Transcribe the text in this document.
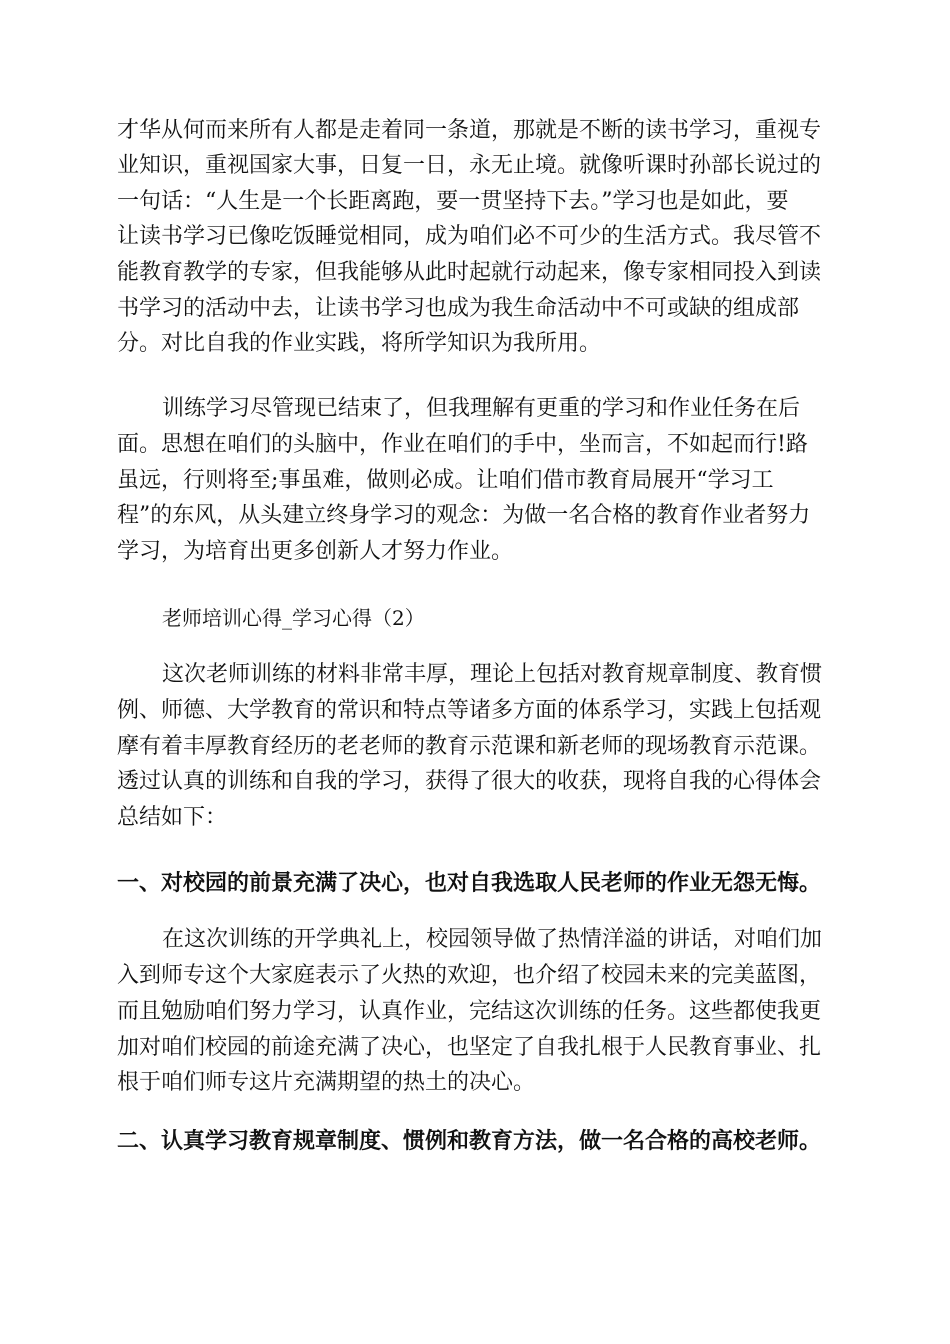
才华从何而来所有人都是走着同一条道，那就是不断的读书学习，重视专
业知识，重视国家大事，日复一日，永无止境。就像听课时孙部长说过的
一句话：“人生是一个长距离跑，要一贯坚持下去。”学习也是如此，要
让读书学习已像吃饭睡觉相同，成为咱们必不可少的生活方式。我尽管不
能教育教学的专家，但我能够从此时起就行动起来，像专家相同投入到读
书学习的活动中去，让读书学习也成为我生命活动中不可或缺的组成部
分。对比自我的作业实践，将所学知识为我所用。
训练学习尽管现已结束了，但我理解有更重的学习和作业任务在后
面。思想在咱们的头脑中，作业在咱们的手中，坐而言，不如起而行!路
虽远，行则将至;事虽难，做则必成。让咱们借市教育局展开“学习工
程”的东风，从头建立终身学习的观念：为做一名合格的教育作业者努力
学习，为培育出更多创新人才努力作业。
老师培训心得_学习心得（2）
这次老师训练的材料非常丰厚，理论上包括对教育规章制度、教育惯
例、师德、大学教育的常识和特点等诸多方面的体系学习，实践上包括观
摩有着丰厚教育经历的老老师的教育示范课和新老师的现场教育示范课。
透过认真的训练和自我的学习，获得了很大的收获，现将自我的心得体会
总结如下：
一、对校园的前景充满了决心，也对自我选取人民老师的作业无怨无悔。
在这次训练的开学典礼上，校园领导做了热情洋溢的讲话，对咱们加
入到师专这个大家庭表示了火热的欢迎，也介绍了校园未来的完美蓝图，
而且勉励咱们努力学习，认真作业，完结这次训练的任务。这些都使我更
加对咱们校园的前途充满了决心，也坚定了自我扎根于人民教育事业、扎
根于咱们师专这片充满期望的热土的决心。
二、认真学习教育规章制度、惯例和教育方法，做一名合格的高校老师。
